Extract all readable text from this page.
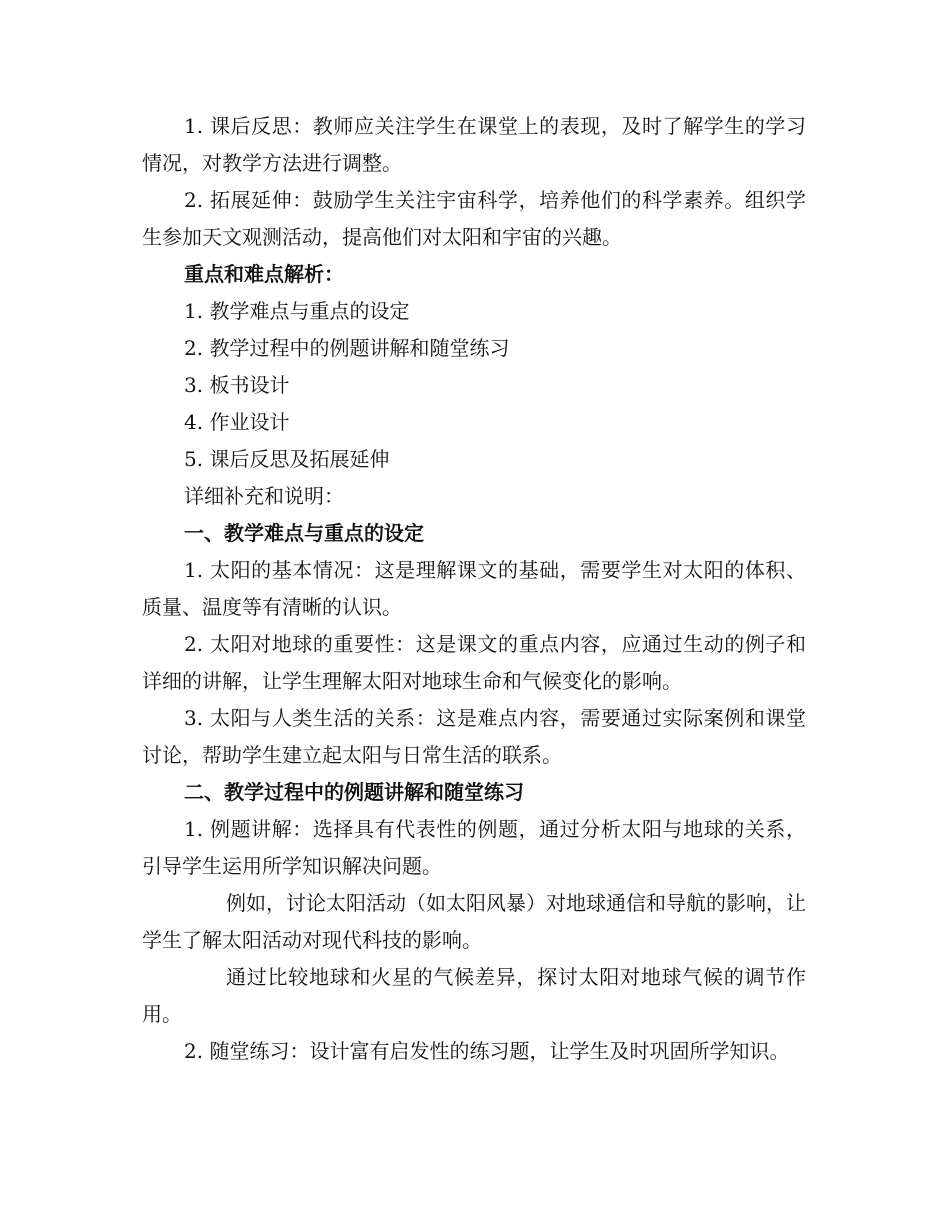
1. 课后反思：教师应关注学生在课堂上的表现，及时了解学生的学习情况，对教学方法进行调整。

2. 拓展延伸：鼓励学生关注宇宙科学，培养他们的科学素养。组织学生参加天文观测活动，提高他们对太阳和宇宙的兴趣。

重点和难点解析：

1. 教学难点与重点的设定

2. 教学过程中的例题讲解和随堂练习

3. 板书设计

4. 作业设计

5. 课后反思及拓展延伸

详细补充和说明：

一、教学难点与重点的设定

1. 太阳的基本情况：这是理解课文的基础，需要学生对太阳的体积、质量、温度等有清晰的认识。

2. 太阳对地球的重要性：这是课文的重点内容，应通过生动的例子和详细的讲解，让学生理解太阳对地球生命和气候变化的影响。

3. 太阳与人类生活的关系：这是难点内容，需要通过实际案例和课堂讨论，帮助学生建立起太阳与日常生活的联系。

二、教学过程中的例题讲解和随堂练习

1. 例题讲解：选择具有代表性的例题，通过分析太阳与地球的关系，引导学生运用所学知识解决问题。

例如，讨论太阳活动（如太阳风暴）对地球通信和导航的影响，让学生了解太阳活动对现代科技的影响。

通过比较地球和火星的气候差异，探讨太阳对地球气候的调节作用。

2. 随堂练习：设计富有启发性的练习题，让学生及时巩固所学知识。
